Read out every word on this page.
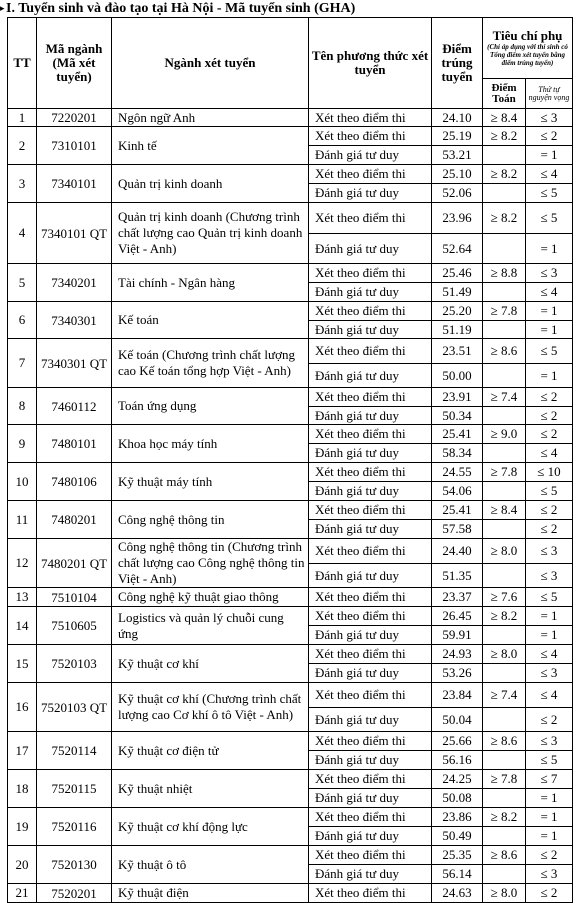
▸I. Tuyển sinh và đào tạo tại Hà Nội - Mã tuyển sinh (GHA)
TT	Mã ngành (Mã xét tuyển)	Ngành xét tuyển	Tên phương thức xét tuyển	Điểm trúng tuyển	Tiêu chí phụ
(Chỉ áp dụng với thí sinh có Tổng điểm xét tuyển bằng điểm trúng tuyển)	

					Điểm Toán	Thứ tự nguyện vọng
1	7220201	Ngôn ngữ Anh	Xét theo điểm thi	24.10	≥ 8.4	≤ 3
2	7310101	Kinh tế	Xét theo điểm thi	25.19	≥ 8.2	≤ 2
			Đánh giá tư duy	53.21		= 1
3	7340101	Quản trị kinh doanh	Xét theo điểm thi	25.10	≥ 8.2	≤ 4
			Đánh giá tư duy	52.06		≤ 5
4	7340101 QT	Quản trị kinh doanh (Chương trình chất lượng cao Quản trị kinh doanh Việt - Anh)	Xét theo điểm thi	23.96	≥ 8.2	≤ 5
			Đánh giá tư duy	52.64		= 1
5	7340201	Tài chính - Ngân hàng	Xét theo điểm thi	25.46	≥ 8.8	≤ 3
			Đánh giá tư duy	51.49		≤ 4
6	7340301	Kế toán	Xét theo điểm thi	25.20	≥ 7.8	= 1
			Đánh giá tư duy	51.19		= 1
7	7340301 QT	Kế toán (Chương trình chất lượng cao Kế toán tổng hợp Việt - Anh)	Xét theo điểm thi	23.51	≥ 8.6	≤ 5
			Đánh giá tư duy	50.00		= 1
8	7460112	Toán ứng dụng	Xét theo điểm thi	23.91	≥ 7.4	≤ 2
			Đánh giá tư duy	50.34		≤ 2
9	7480101	Khoa học máy tính	Xét theo điểm thi	25.41	≥ 9.0	≤ 2
			Đánh giá tư duy	58.34		≤ 4
10	7480106	Kỹ thuật máy tính	Xét theo điểm thi	24.55	≥ 7.8	≤ 10
			Đánh giá tư duy	54.06		≤ 5
11	7480201	Công nghệ thông tin	Xét theo điểm thi	25.41	≥ 8.4	≤ 2
			Đánh giá tư duy	57.58		≤ 2
12	7480201 QT	Công nghệ thông tin (Chương trình chất lượng cao Công nghệ thông tin Việt - Anh)	Xét theo điểm thi	24.40	≥ 8.0	≤ 3
			Đánh giá tư duy	51.35		≤ 3
13	7510104	Công nghệ kỹ thuật giao thông	Xét theo điểm thi	23.37	≥ 7.6	≤ 5
14	7510605	Logistics và quản lý chuỗi cung ứng	Xét theo điểm thi	26.45	≥ 8.2	= 1
			Đánh giá tư duy	59.91		= 1
15	7520103	Kỹ thuật cơ khí	Xét theo điểm thi	24.93	≥ 8.0	≤ 4
			Đánh giá tư duy	53.26		≤ 3
16	7520103 QT	Kỹ thuật cơ khí (Chương trình chất lượng cao Cơ khí ô tô Việt - Anh)	Xét theo điểm thi	23.84	≥ 7.4	≤ 4
			Đánh giá tư duy	50.04		≤ 2
17	7520114	Kỹ thuật cơ điện tử	Xét theo điểm thi	25.66	≥ 8.6	≤ 3
			Đánh giá tư duy	56.16		≤ 5
18	7520115	Kỹ thuật nhiệt	Xét theo điểm thi	24.25	≥ 7.8	≤ 7
			Đánh giá tư duy	50.08		= 1
19	7520116	Kỹ thuật cơ khí động lực	Xét theo điểm thi	23.86	≥ 8.2	= 1
			Đánh giá tư duy	50.49		= 1
20	7520130	Kỹ thuật ô tô	Xét theo điểm thi	25.35	≥ 8.6	≤ 2
			Đánh giá tư duy	56.14		≤ 3
21	7520201	Kỹ thuật điện	Xét theo điểm thi	24.63	≥ 8.0	≤ 2
